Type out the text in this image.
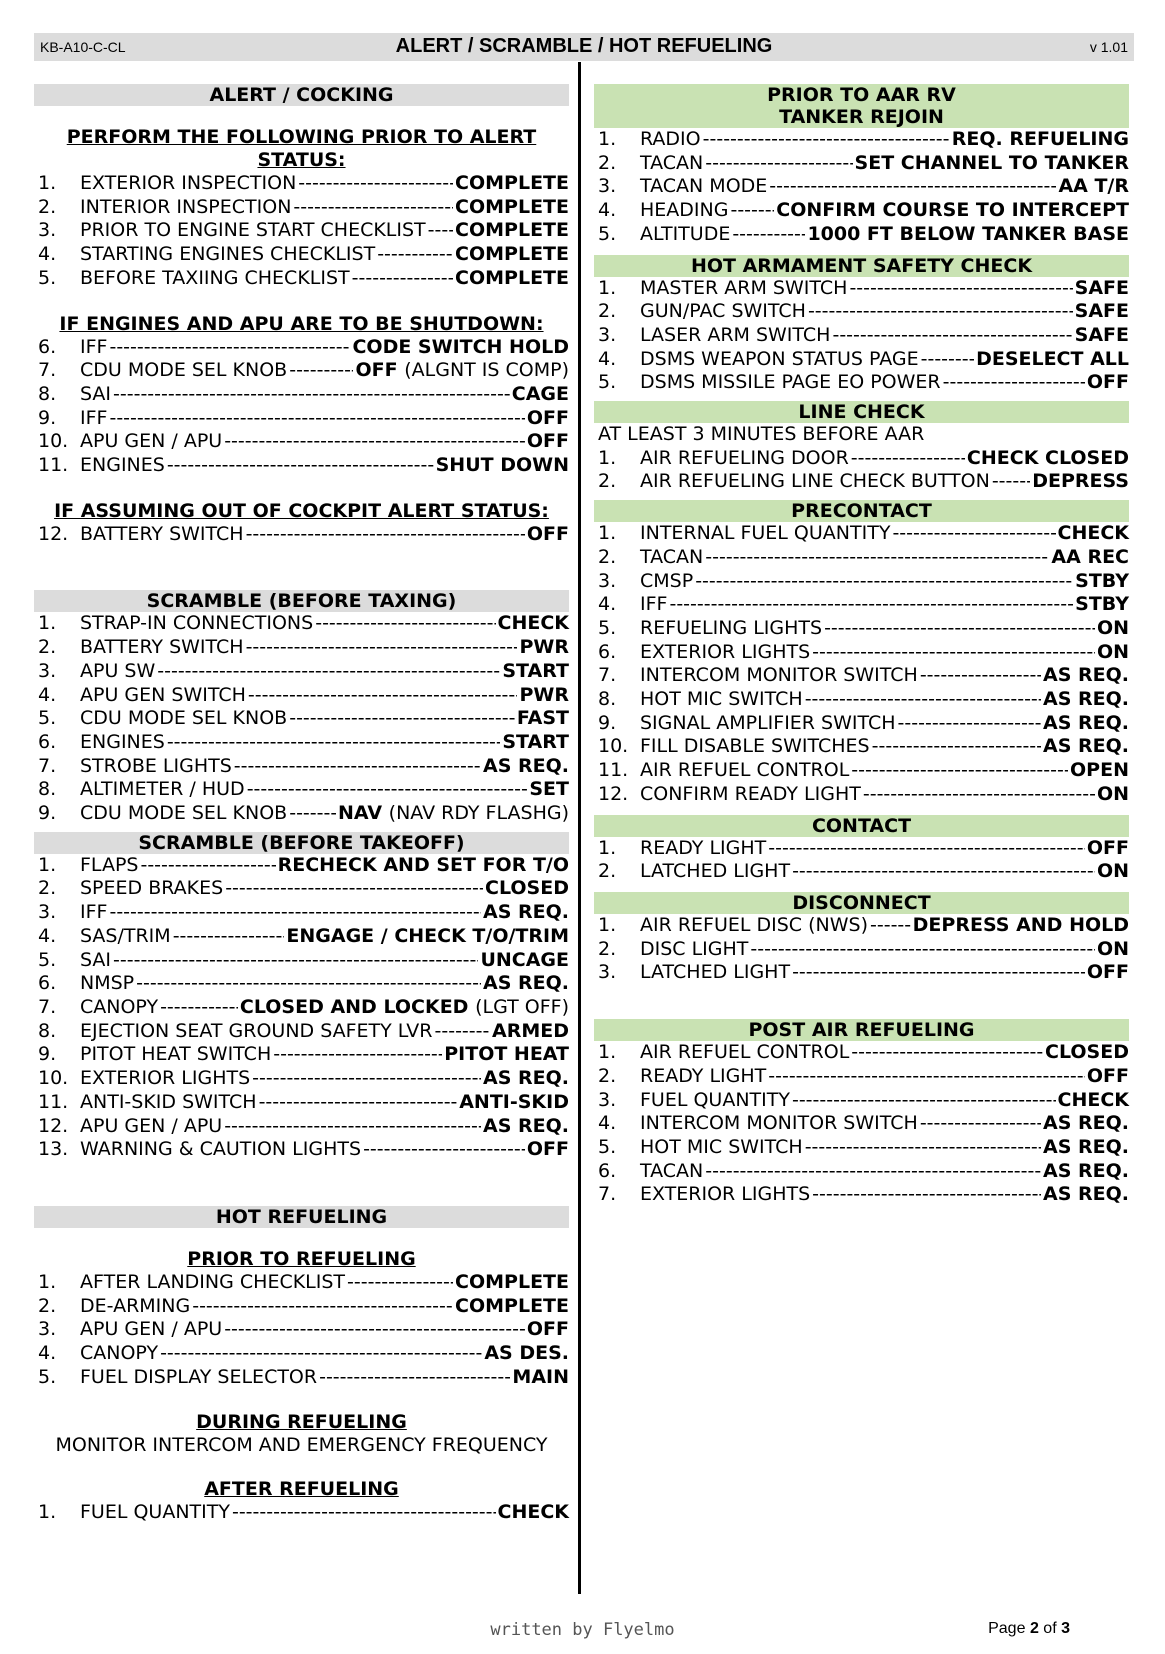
KB-A10-C-CL	ALERT / SCRAMBLE / HOT REFUELING	v 1.01
ALERT / COCKING
PERFORM THE FOLLOWING PRIOR TO ALERT STATUS:
1.	EXTERIOR INSPECTION -----	COMPLETE
2.	INTERIOR INSPECTION -----	COMPLETE
3.	PRIOR TO ENGINE START CHECKLIST ----- COMPLETE
4.	STARTING ENGINES CHECKLIST -----	COMPLETE
5.	BEFORE TAXIING CHECKLIST -----	COMPLETE
IF ENGINES AND APU ARE TO BE SHUTDOWN:
6.	IFF -----	CODE SWITCH HOLD
7.	CDU MODE SEL KNOB -----	OFF (ALGNT IS COMP)
8.	SAI -----	CAGE
9.	IFF -----	OFF
10. APU GEN / APU -----	OFF
11. ENGINES -----	SHUT DOWN
IF ASSUMING OUT OF COCKPIT ALERT STATUS:
12. BATTERY SWITCH -----	OFF
SCRAMBLE (BEFORE TAXING)
1.	STRAP-IN CONNECTIONS -----	CHECK
2.	BATTERY SWITCH -----	PWR
3.	APU SW -----	START
4.	APU GEN SWITCH -----	PWR
5.	CDU MODE SEL KNOB -----	FAST
6.	ENGINES -----	START
7.	STROBE LIGHTS -----	AS REQ.
8.	ALTIMETER / HUD -----	SET
9.	CDU MODE SEL KNOB -----	NAV (NAV RDY FLASHG)
SCRAMBLE (BEFORE TAKEOFF)
1.	FLAPS -----	RECHECK AND SET FOR T/O
2.	SPEED BRAKES -----	CLOSED
3.	IFF -----	AS REQ.
4.	SAS/TRIM -----	ENGAGE / CHECK T/O/TRIM
5.	SAI -----	UNCAGE
6.	NMSP -----	AS REQ.
7.	CANOPY -----	CLOSED AND LOCKED (LGT OFF)
8.	EJECTION SEAT GROUND SAFETY LVR -----	ARMED
9.	PITOT HEAT SWITCH -----	PITOT HEAT
10. EXTERIOR LIGHTS -----	AS REQ.
11. ANTI-SKID SWITCH -----	ANTI-SKID
12. APU GEN / APU -----	AS REQ.
13. WARNING & CAUTION LIGHTS -----	OFF
HOT REFUELING
PRIOR TO REFUELING
1.	AFTER LANDING CHECKLIST -----	COMPLETE
2.	DE-ARMING -----	COMPLETE
3.	APU GEN / APU -----	OFF
4.	CANOPY -----	AS DES.
5.	FUEL DISPLAY SELECTOR -----	MAIN
DURING REFUELING
MONITOR INTERCOM AND EMERGENCY FREQUENCY
AFTER REFUELING
1.	FUEL QUANTITY -----	CHECK
PRIOR TO AAR RV
TANKER REJOIN
1.	RADIO -----	REQ. REFUELING
2.	TACAN -----	SET CHANNEL TO TANKER
3.	TACAN MODE -----	AA T/R
4.	HEADING -----	CONFIRM COURSE TO INTERCEPT
5.	ALTITUDE -----	1000 FT BELOW TANKER BASE
HOT ARMAMENT SAFETY CHECK
1.	MASTER ARM SWITCH -----	SAFE
2.	GUN/PAC SWITCH -----	SAFE
3.	LASER ARM SWITCH -----	SAFE
4.	DSMS WEAPON STATUS PAGE -----	DESELECT ALL
5.	DSMS MISSILE PAGE EO POWER -----	OFF
LINE CHECK
AT LEAST 3 MINUTES BEFORE AAR
1.	AIR REFUELING DOOR -----	CHECK CLOSED
2.	AIR REFUELING LINE CHECK BUTTON ----- DEPRESS
PRECONTACT
1.	INTERNAL FUEL QUANTITY -----	CHECK
2.	TACAN -----	AA REC
3.	CMSP -----	STBY
4.	IFF -----	STBY
5.	REFUELING LIGHTS -----	ON
6.	EXTERIOR LIGHTS -----	ON
7.	INTERCOM MONITOR SWITCH -----	AS REQ.
8.	HOT MIC SWITCH -----	AS REQ.
9.	SIGNAL AMPLIFIER SWITCH -----	AS REQ.
10. FILL DISABLE SWITCHES -----	AS REQ.
11. AIR REFUEL CONTROL -----	OPEN
12. CONFIRM READY LIGHT -----	ON
CONTACT
1.	READY LIGHT -----	OFF
2.	LATCHED LIGHT -----	ON
DISCONNECT
1.	AIR REFUEL DISC (NWS) ----- DEPRESS AND HOLD
2.	DISC LIGHT -----	ON
3.	LATCHED LIGHT -----	OFF
POST AIR REFUELING
1.	AIR REFUEL CONTROL -----	CLOSED
2.	READY LIGHT -----	OFF
3.	FUEL QUANTITY -----	CHECK
4.	INTERCOM MONITOR SWITCH -----	AS REQ.
5.	HOT MIC SWITCH -----	AS REQ.
6.	TACAN -----	AS REQ.
7.	EXTERIOR LIGHTS -----	AS REQ.
written by Flyelmo	Page 2 of 3
